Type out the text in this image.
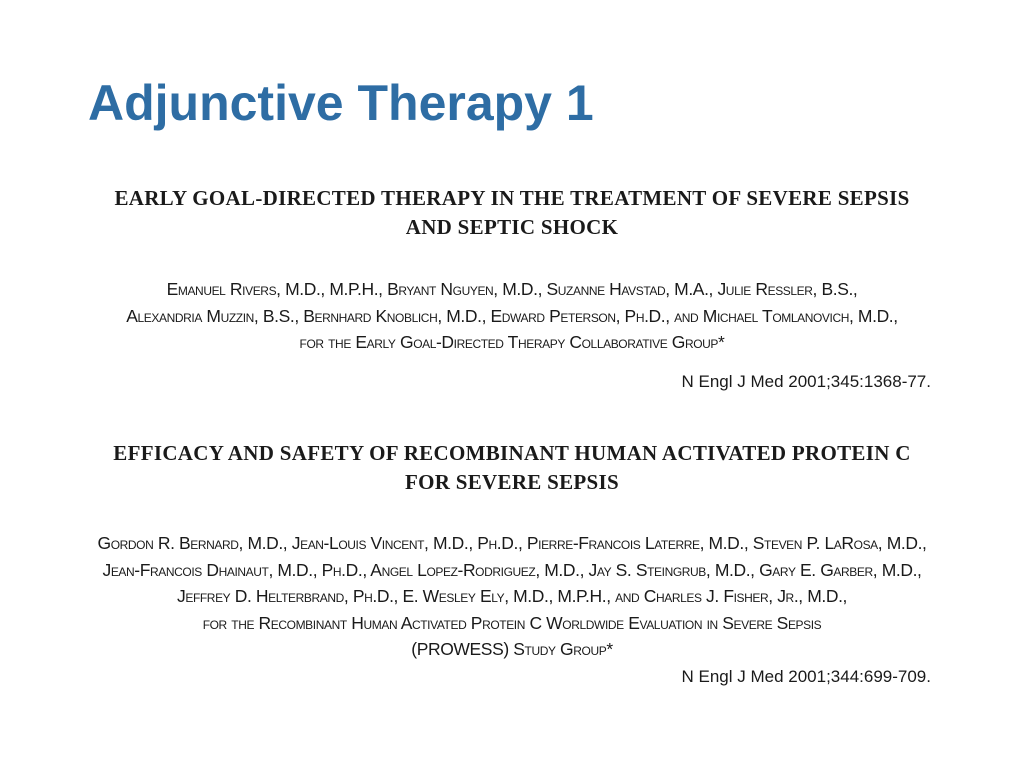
Adjunctive Therapy 1
EARLY GOAL-DIRECTED THERAPY IN THE TREATMENT OF SEVERE SEPSIS
AND SEPTIC SHOCK

Emanuel Rivers, M.D., M.P.H., Bryant Nguyen, M.D., Suzanne Havstad, M.A., Julie Ressler, B.S.,
Alexandria Muzzin, B.S., Bernhard Knoblich, M.D., Edward Peterson, Ph.D., and Michael Tomlanovich, M.D.,
for the Early Goal-Directed Therapy Collaborative Group*

N Engl J Med 2001;345:1368-77.

EFFICACY AND SAFETY OF RECOMBINANT HUMAN ACTIVATED PROTEIN C
FOR SEVERE SEPSIS

Gordon R. Bernard, M.D., Jean-Louis Vincent, M.D., Ph.D., Pierre-Francois Laterre, M.D., Steven P. LaRosa, M.D.,
Jean-Francois Dhainaut, M.D., Ph.D., Angel Lopez-Rodriguez, M.D., Jay S. Steingrub, M.D., Gary E. Garber, M.D.,
Jeffrey D. Helterbrand, Ph.D., E. Wesley Ely, M.D., M.P.H., and Charles J. Fisher, Jr., M.D.,
for the Recombinant Human Activated Protein C Worldwide Evaluation in Severe Sepsis
(PROWESS) Study Group*

N Engl J Med 2001;344:699-709.
